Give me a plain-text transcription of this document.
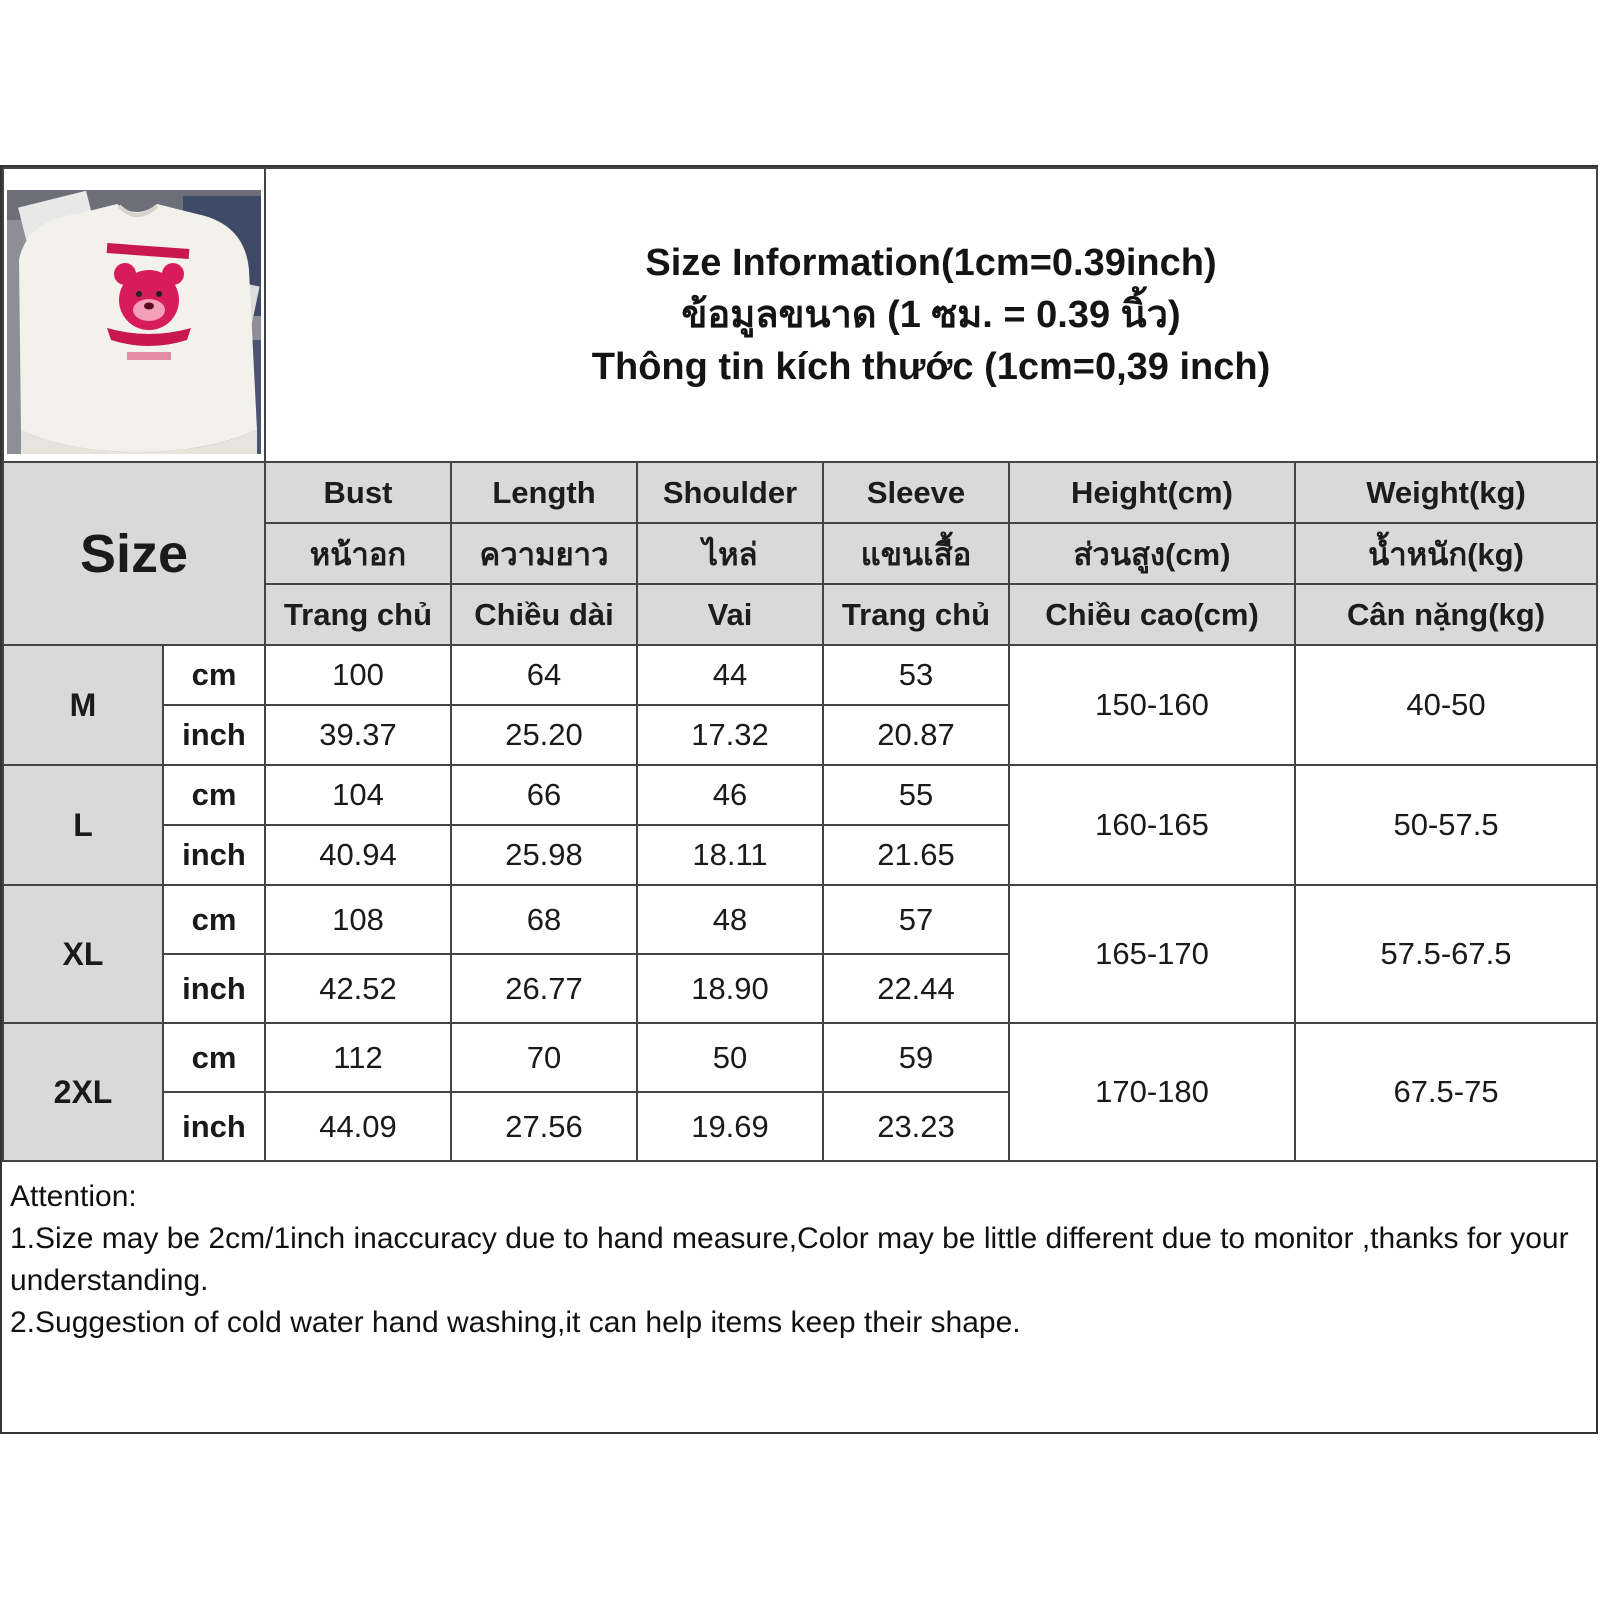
Size Information(1cm=0.39inch)
ข้อมูลขนาด (1 ซม. = 0.39 นิ้ว)
Thông tin kích thước (1cm=0,39 inch)					

Size		Bust	Length	Shoulder	Sleeve	Height(cm)	Weight(kg)
		หน้าอก	ความยาว	ไหล่	แขนเสื้อ	ส่วนสูง(cm)	น้ำหนัก(kg)
		Trang chủ	Chiều dài	Vai	Trang chủ	Chiều cao(cm)	Cân nặng(kg)
M	cm	100	64	44	53	150-160	40-50
	inch	39.37	25.20	17.32	20.87		
L	cm	104	66	46	55	160-165	50-57.5
	inch	40.94	25.98	18.11	21.65		
XL	cm	108	68	48	57	165-170	57.5-67.5
	inch	42.52	26.77	18.90	22.44		
2XL	cm	112	70	50	59	170-180	67.5-75
	inch	44.09	27.56	19.69	23.23		
Attention:
1.Size may be 2cm/1inch inaccuracy due to hand measure,Color may be little different due to monitor ,thanks for your understanding.
2.Suggestion of cold water hand washing,it can help items keep their shape.
